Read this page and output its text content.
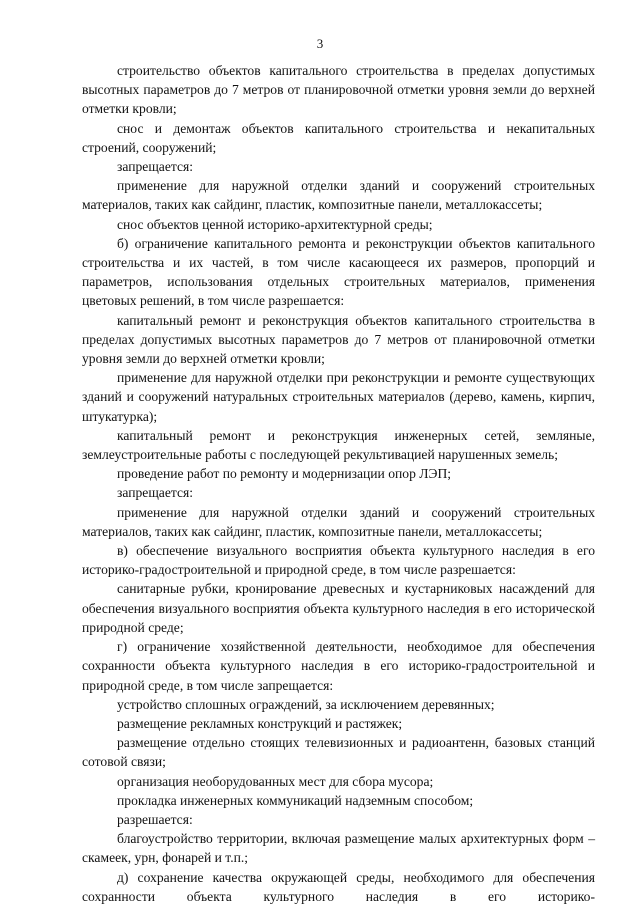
3

строительство объектов капитального строительства в пределах допустимых высотных параметров до 7 метров от планировочной отметки уровня земли до верхней отметки кровли;

снос и демонтаж объектов капитального строительства и некапитальных строений, сооружений;

запрещается:

применение для наружной отделки зданий и сооружений строительных материалов, таких как сайдинг, пластик, композитные панели, металлокассеты;

снос объектов ценной историко-архитектурной среды;

б) ограничение капитального ремонта и реконструкции объектов капитального строительства и их частей, в том числе касающееся их размеров, пропорций и параметров, использования отдельных строительных материалов, применения цветовых решений, в том числе разрешается:

капитальный ремонт и реконструкция объектов капитального строительства в пределах допустимых высотных параметров до 7 метров от планировочной отметки уровня земли до верхней отметки кровли;

применение для наружной отделки при реконструкции и ремонте существующих зданий и сооружений натуральных строительных материалов (дерево, камень, кирпич, штукатурка);

капитальный ремонт и реконструкция инженерных сетей, земляные, землеустроительные работы с последующей рекультивацией нарушенных земель;

проведение работ по ремонту и модернизации опор ЛЭП;

запрещается:

применение для наружной отделки зданий и сооружений строительных материалов, таких как сайдинг, пластик, композитные панели, металлокассеты;

в) обеспечение визуального восприятия объекта культурного наследия в его историко-градостроительной и природной среде, в том числе разрешается:

санитарные рубки, кронирование древесных и кустарниковых насаждений для обеспечения визуального восприятия объекта культурного наследия в его исторической природной среде;

г) ограничение хозяйственной деятельности, необходимое для обеспечения сохранности объекта культурного наследия в его историко-градостроительной и природной среде, в том числе запрещается:

устройство сплошных ограждений, за исключением деревянных;

размещение рекламных конструкций и растяжек;

размещение отдельно стоящих телевизионных и радиоантенн, базовых станций сотовой связи;

организация необорудованных мест для сбора мусора;

прокладка инженерных коммуникаций надземным способом;

разрешается:

благоустройство территории, включая размещение малых архитектурных форм – скамеек, урн, фонарей и т.п.;

д) сохранение качества окружающей среды, необходимого для обеспечения сохранности объекта культурного наследия в его историко-
